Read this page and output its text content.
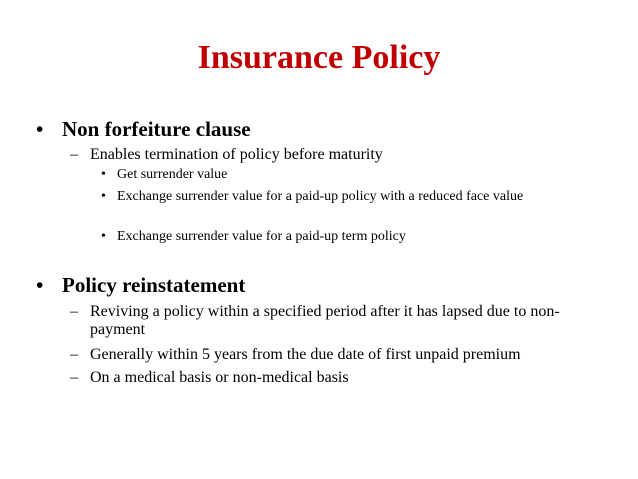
Insurance Policy
• Non forfeiture clause
– Enables termination of policy before maturity
• Get surrender value
• Exchange surrender value for a paid-up policy with a reduced face value
• Exchange surrender value for a paid-up term policy
• Policy reinstatement
– Reviving a policy within a specified period after it has lapsed due to non-payment
– Generally within 5 years from the due date of first unpaid premium
– On a medical basis or non-medical basis
